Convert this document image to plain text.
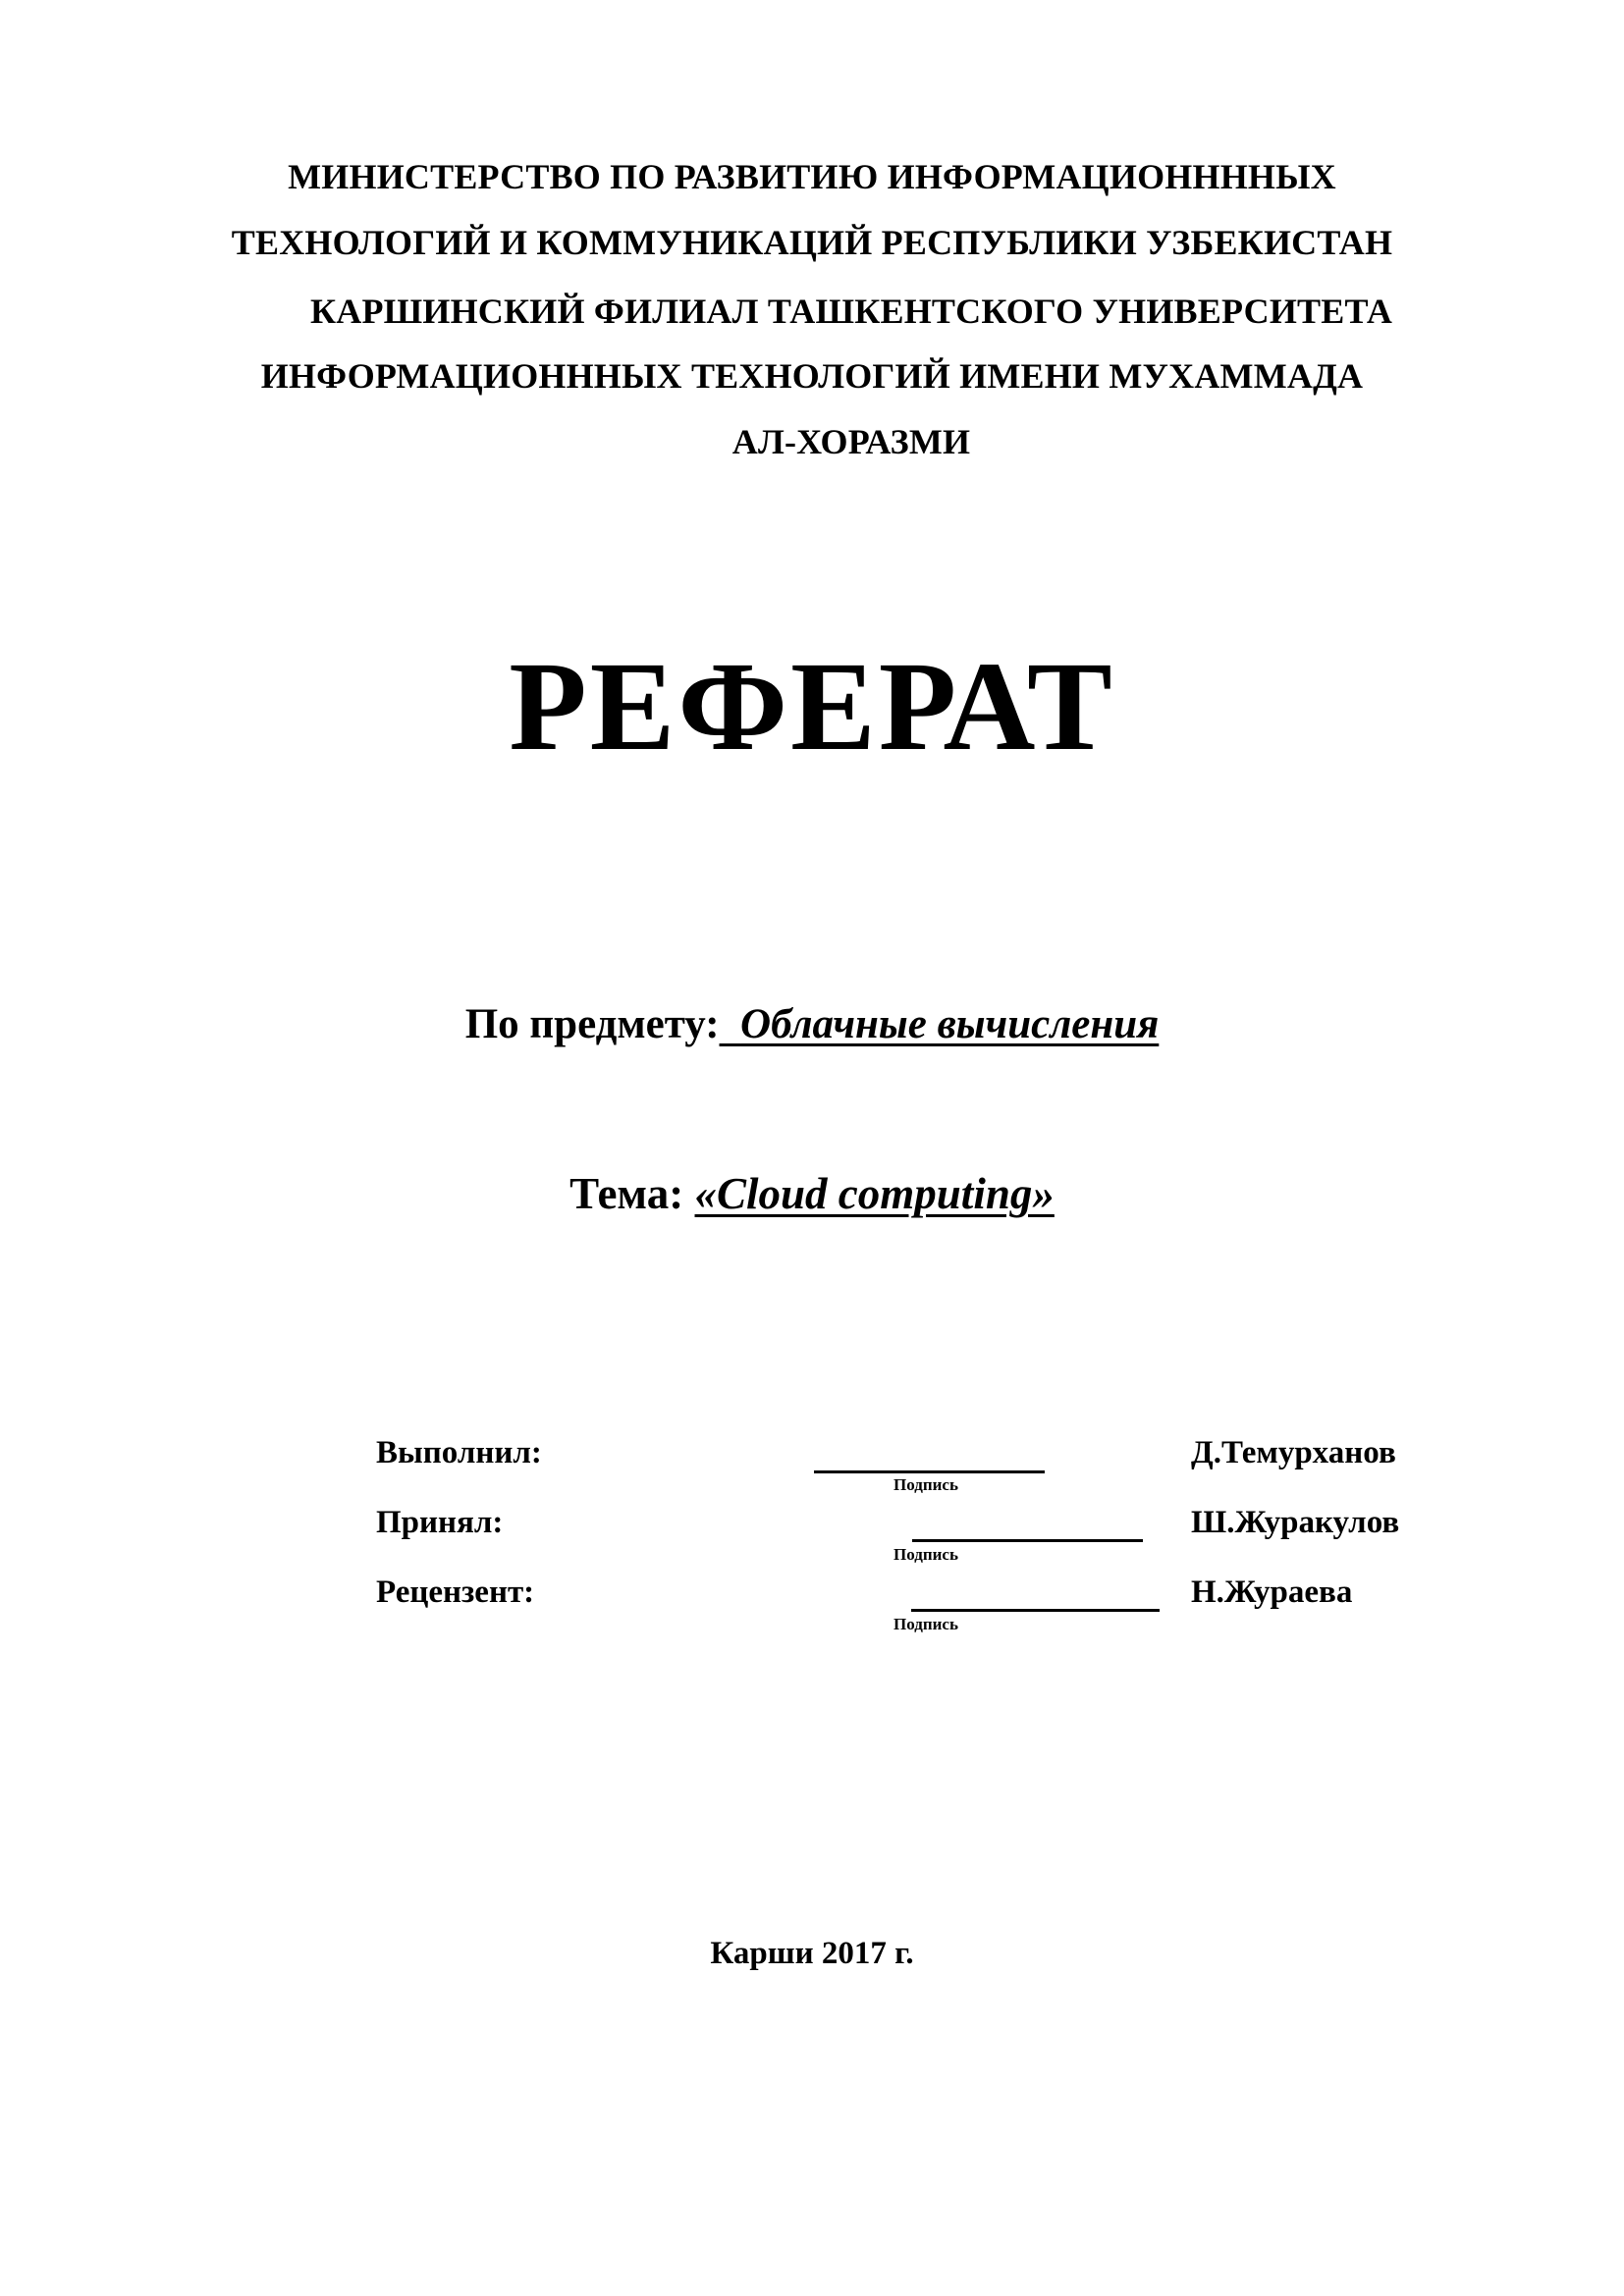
МИНИСТЕРСТВО ПО РАЗВИТИЮ ИНФОРМАЦИОННННЫХ
ТЕХНОЛОГИЙ И КОММУНИКАЦИЙ РЕСПУБЛИКИ УЗБЕКИСТАН
КАРШИНСКИЙ ФИЛИАЛ ТАШКЕНТСКОГО УНИВЕРСИТЕТА
ИНФОРМАЦИОНННЫХ ТЕХНОЛОГИЙ ИМЕНИ МУХАММАДА
АЛ-ХОРАЗМИ
РЕФЕРАТ
По предмету: Облачные вычисления
Тема: «Cloud computing»
Выполнил:
Подпись
Д.Темурханов
Принял:
Подпись
Ш.Журакулов
Рецензент:
Подпись
Н.Жураева
Карши 2017 г.
